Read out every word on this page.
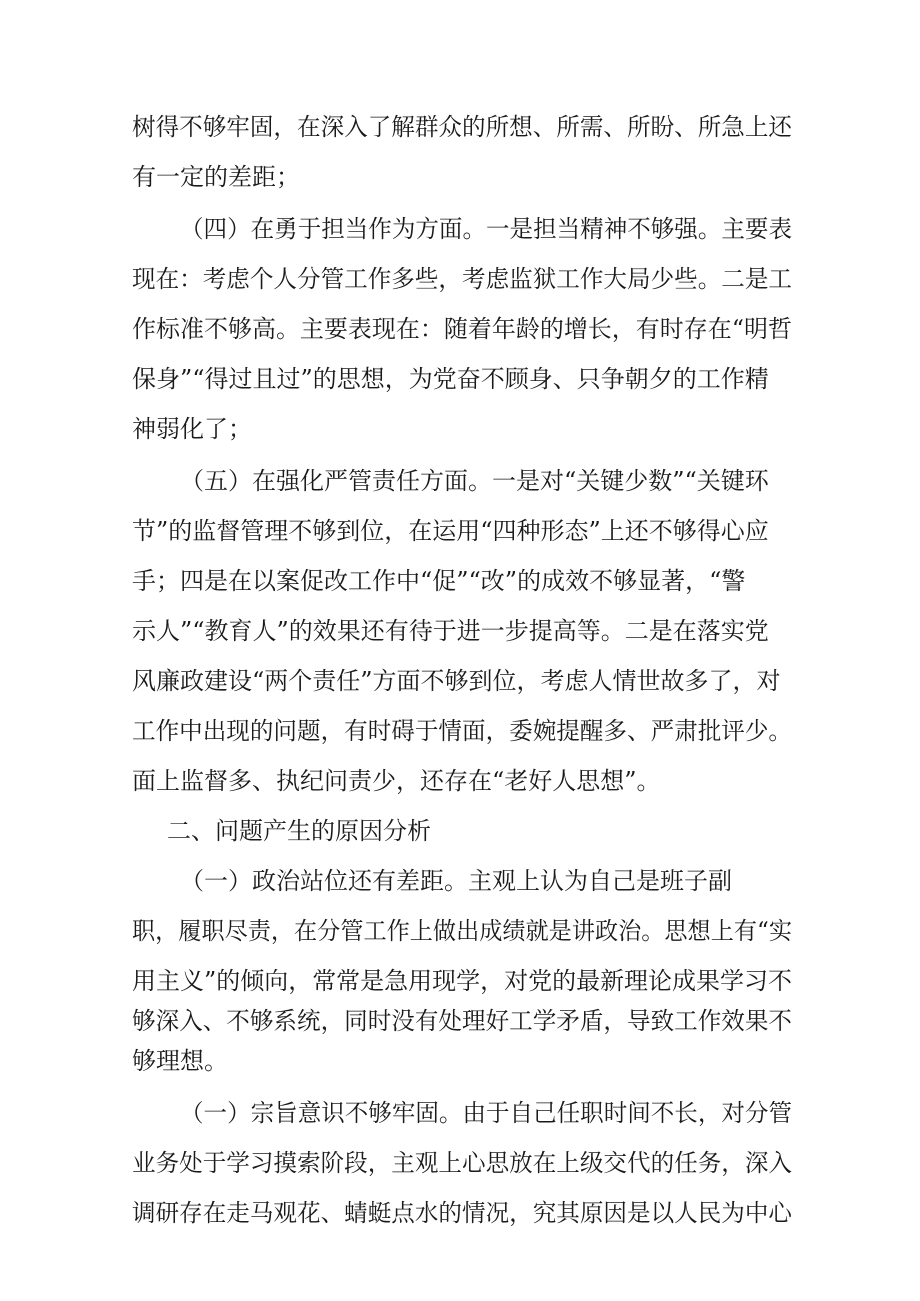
树得不够牢固，在深入了解群众的所想、所需、所盼、所急上还
有一定的差距；
（四）在勇于担当作为方面。一是担当精神不够强。主要表
现在：考虑个人分管工作多些，考虑监狱工作大局少些。二是工
作标准不够高。主要表现在：随着年龄的增长，有时存在“明哲
保身”“得过且过”的思想，为党奋不顾身、只争朝夕的工作精
神弱化了；
（五）在强化严管责任方面。一是对“关键少数”“关键环
节”的监督管理不够到位，在运用“四种形态”上还不够得心应
手；四是在以案促改工作中“促”“改”的成效不够显著，“警
示人”“教育人”的效果还有待于进一步提高等。二是在落实党
风廉政建设“两个责任”方面不够到位，考虑人情世故多了，对
工作中出现的问题，有时碍于情面，委婉提醒多、严肃批评少。
面上监督多、执纪问责少，还存在“老好人思想”。
二、问题产生的原因分析
（一）政治站位还有差距。主观上认为自己是班子副
职，履职尽责，在分管工作上做出成绩就是讲政治。思想上有“实
用主义”的倾向，常常是急用现学，对党的最新理论成果学习不
够深入、不够系统，同时没有处理好工学矛盾，导致工作效果不
够理想。
（一）宗旨意识不够牢固。由于自己任职时间不长，对分管
业务处于学习摸索阶段，主观上心思放在上级交代的任务，深入
调研存在走马观花、蜻蜓点水的情况，究其原因是以人民为中心
